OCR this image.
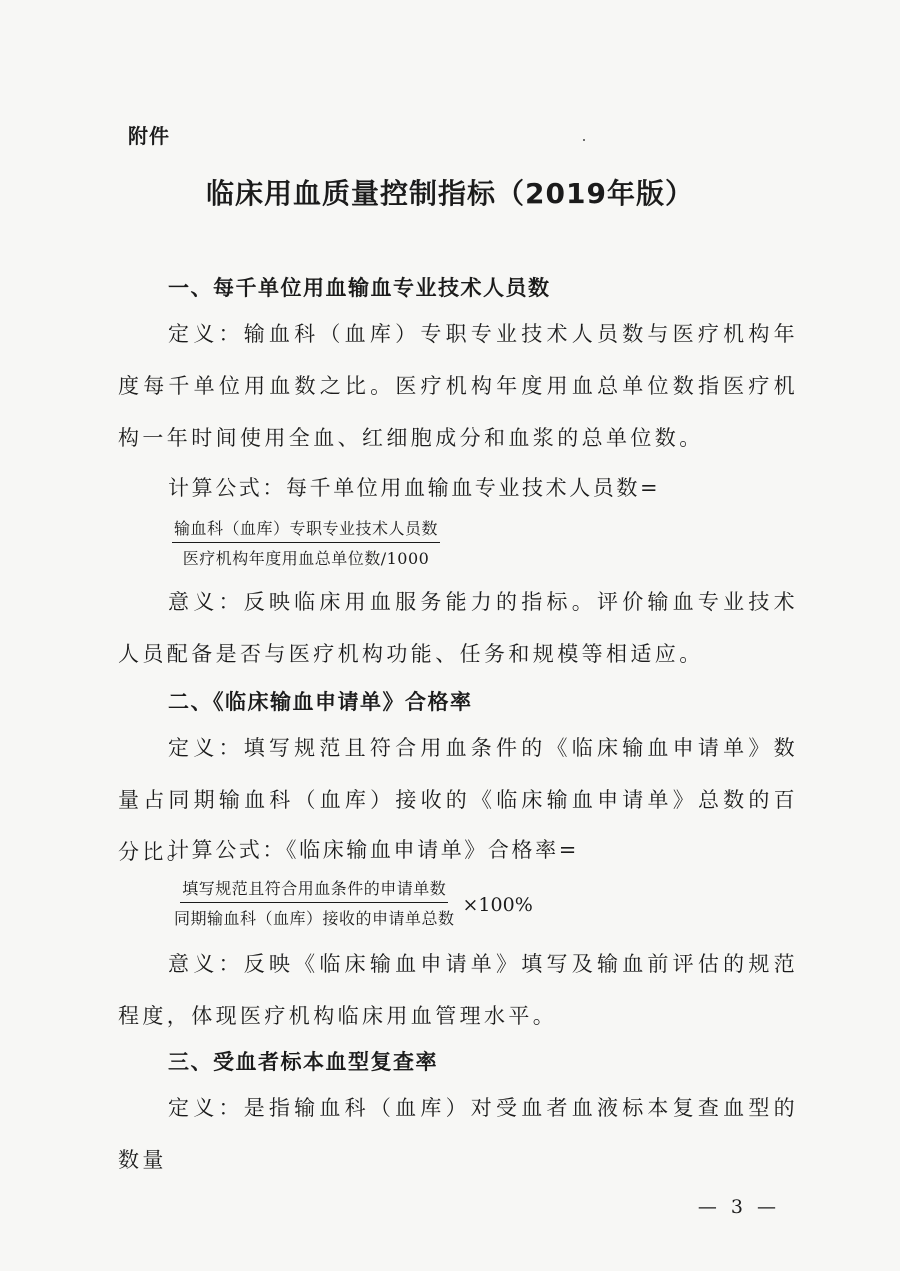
附件
临床用血质量控制指标（2019年版）
一、每千单位用血输血专业技术人员数
定义：输血科（血库）专职专业技术人员数与医疗机构年度每千单位用血数之比。医疗机构年度用血总单位数指医疗机构一年时间使用全血、红细胞成分和血浆的总单位数。
计算公式：每千单位用血输血专业技术人员数=
$\frac{\text{输血科（血库）专职专业技术人员数}}{\text{医疗机构年度用血总单位数/1000}}$
意义：反映临床用血服务能力的指标。评价输血专业技术人员配备是否与医疗机构功能、任务和规模等相适应。
二、《临床输血申请单》合格率
定义：填写规范且符合用血条件的《临床输血申请单》数量占同期输血科（血库）接收的《临床输血申请单》总数的百分比。
计算公式：《临床输血申请单》合格率=
$\frac{\text{填写规范且符合用血条件的申请单数}}{\text{同期输血科（血库）接收的申请单总数}} \times 100\%$
意义：反映《临床输血申请单》填写及输血前评估的规范程度，体现医疗机构临床用血管理水平。
三、受血者标本血型复查率
定义：是指输血科（血库）对受血者血液标本复查血型的数量
— 3 —
